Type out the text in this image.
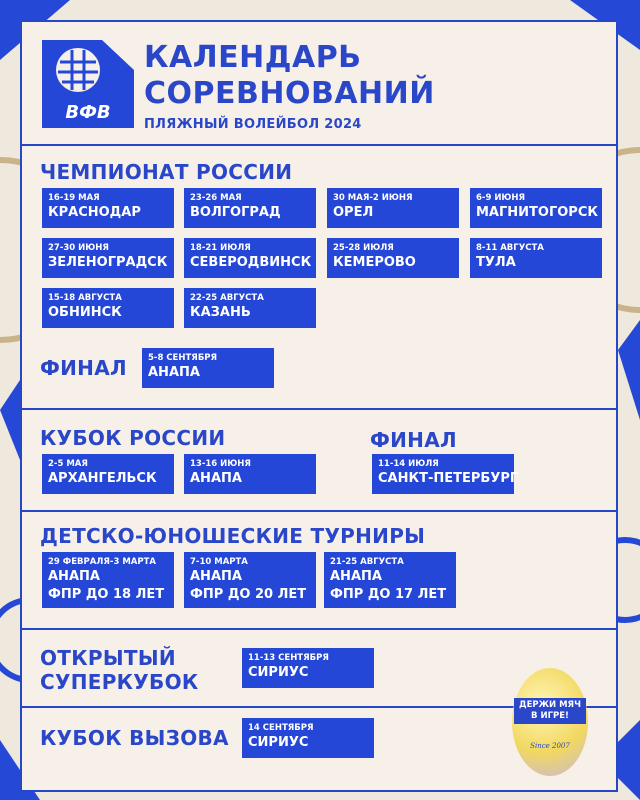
ВФВ
КАЛЕНДАРЬ
СОРЕВНОВАНИЙ
ПЛЯЖНЫЙ ВОЛЕЙБОЛ 2024
ЧЕМПИОНАТ РОССИИ
16-19 МАЯ
КРАСНОДАР
23-26 МАЯ
ВОЛГОГРАД
30 МАЯ-2 ИЮНЯ
ОРЕЛ
6-9 ИЮНЯ
МАГНИТОГОРСК
27-30 ИЮНЯ
ЗЕЛЕНОГРАДСК
18-21 ИЮЛЯ
СЕВЕРОДВИНСК
25-28 ИЮЛЯ
КЕМЕРОВО
8-11 АВГУСТА
ТУЛА
15-18 АВГУСТА
ОБНИНСК
22-25 АВГУСТА
КАЗАНЬ
ФИНАЛ 5-8 СЕНТЯБРЯ
АНАПА
КУБОК РОССИИ	ФИНАЛ
2-5 МАЯ
АРХАНГЕЛЬСК
13-16 ИЮНЯ
АНАПА
11-14 ИЮЛЯ
САНКТ-ПЕТЕРБУРГ
ДЕТСКО-ЮНОШЕСКИЕ ТУРНИРЫ
29 ФЕВРАЛЯ-3 МАРТА
АНАПА
ФПР ДО 18 ЛЕТ
7-10 МАРТА
АНАПА
ФПР ДО 20 ЛЕТ
21-25 АВГУСТА
АНАПА
ФПР ДО 17 ЛЕТ
ОТКРЫТЫЙ
СУПЕРКУБОК
11-13 СЕНТЯБРЯ
СИРИУС
КУБОК ВЫЗОВА 14 СЕНТЯБРЯ
СИРИУС
ДЕРЖИ МЯЧ
В ИГРЕ!
Since 2007
